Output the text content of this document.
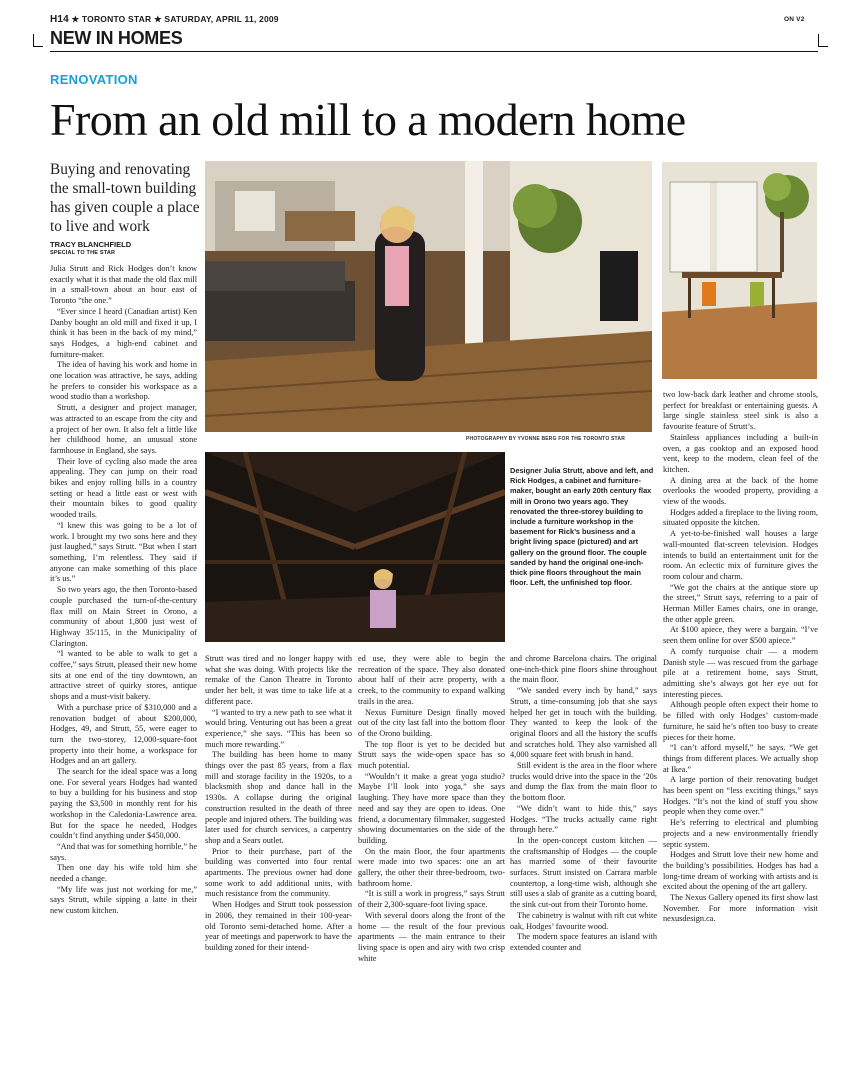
H14 ★ TORONTO STAR ★ SATURDAY, APRIL 11, 2009	ON V2
NEW IN HOMES
RENOVATION
From an old mill to a modern home
Buying and renovating
the small-town building
has given couple a place
to live and work
TRACY BLANCHFIELD
SPECIAL TO THE STAR
PHOTOGRAPHY BY YVONNE BERG FOR THE TORONTO STAR
Designer Julia Strutt, above and left, and Rick Hodges, a cabinet and furniture-maker, bought an early 20th century flax mill in Orono two years ago. They renovated the three-storey building to include a furniture workshop in the basement for Rick’s business and a bright living space (pictured) and art gallery on the ground floor. The couple sanded by hand the original one-inch-thick pine floors throughout the main floor. Left, the unfinished top floor.

Julia Strutt and Rick Hodges don’t know exactly what it is that made the old flax mill in a small-town about an hour east of Toronto “the one.”

“Ever since I heard (Canadian artist) Ken Danby bought an old mill and fixed it up, I think it has been in the back of my mind,” says Hodges, a high-end cabinet and furniture-maker.

The idea of having his work and home in one location was attractive, he says, adding he prefers to consider his workspace as a wood studio than a workshop.

Strutt, a designer and project manager, was attracted to an escape from the city and a project of her own. It also felt a little like her childhood home, an unusual stone farmhouse in England, she says.

Their love of cycling also made the area appealing. They can jump on their road bikes and enjoy rolling hills in a country setting or head a little east or west with their mountain bikes to good quality wooded trails.

“I knew this was going to be a lot of work. I brought my two sons here and they just laughed,” says Strutt. “But when I start something, I’m relentless. They said if anyone can make something of this place it’s us.”

So two years ago, the then Toronto-based couple purchased the turn-of-the-century flax mill on Main Street in Orono, a community of about 1,800 just west of Highway 35/115, in the Municipality of Clarington.

“I wanted to be able to walk to get a coffee,” says Strutt, pleased their new home sits at one end of the tiny downtown, an attractive street of quirky stores, antique shops and a must-visit bakery.

With a purchase price of $310,000 and a renovation budget of about $200,000, Hodges, 49, and Strutt, 55, were eager to turn the two-storey, 12,000-square-foot property into their home, a workspace for Hodges and an art gallery.

The search for the ideal space was a long one. For several years Hodges had wanted to buy a building for his business and stop paying the $3,500 in monthly rent for his workshop in the Caledonia-Lawrence area. But for the space he needed, Hodges couldn’t find anything under $450,000.

“And that was for something horrible,” he says.

Then one day his wife told him she needed a change.

“My life was just not working for me,” says Strutt, while sipping a latte in their new custom kitchen.

Strutt was tired and no longer happy with what she was doing. With projects like the remake of the Canon Theatre in Toronto under her belt, it was time to take life at a different pace.

“I wanted to try a new path to see what it would bring. Venturing out has been a great experience,” she says. “This has been so much more rewarding.”

The building has been home to many things over the past 85 years, from a flax mill and storage facility in the 1920s, to a blacksmith shop and dance hall in the 1930s. A collapse during the original construction resulted in the death of three people and injured others. The building was later used for church services, a carpentry shop and a Sears outlet.

Prior to their purchase, part of the building was converted into four rental apartments. The previous owner had done some work to add additional units, with much resistance from the community.

When Hodges and Strutt took possession in 2006, they remained in their 100-year-old Toronto semi-detached home. After a year of meetings and paperwork to have the building zoned for their intend-

ed use, they were able to begin the recreation of the space. They also donated about half of their acre property, with a creek, to the community to expand walking trails in the area.

Nexus Furniture Design finally moved out of the city last fall into the bottom floor of the Orono building.

The top floor is yet to be decided but Strutt says the wide-open space has so much potential.

“Wouldn’t it make a great yoga studio? Maybe I’ll look into yoga,” she says laughing. They have more space than they need and say they are open to ideas. One friend, a documentary filmmaker, suggested showing documentaries on the side of the building.

On the main floor, the four apartments were made into two spaces: one an art gallery, the other their three-bedroom, two-bathroom home.

“It is still a work in progress,” says Strutt of their 2,300-square-foot living space.

With several doors along the front of the home — the result of the four previous apartments — the main entrance to their living space is open and airy with two crisp white

and chrome Barcelona chairs. The original one-inch-thick pine floors shine throughout the main floor.

“We sanded every inch by hand,” says Strutt, a time-consuming job that she says helped her get in touch with the building. They wanted to keep the look of the original floors and all the history the scuffs and scratches hold. They also varnished all 4,000 square feet with brush in hand.

Still evident is the area in the floor where trucks would drive into the space in the ’20s and dump the flax from the main floor to the bottom floor.

“We didn’t want to hide this,” says Hodges. “The trucks actually came right through here.”

In the open-concept custom kitchen — the craftsmanship of Hodges — the couple has married some of their favourite surfaces. Strutt insisted on Carrara marble countertop, a long-time wish, although she still uses a slab of granite as a cutting board, the sink cut-out from their Toronto home.

The cabinetry is walnut with rift cut white oak, Hodges’ favourite wood.

The modern space features an island with extended counter and

two low-back dark leather and chrome stools, perfect for breakfast or entertaining guests. A large single stainless steel sink is also a favourite feature of Strutt’s.

Stainless appliances including a built-in oven, a gas cooktop and an exposed hood vent, keep to the modern, clean feel of the kitchen.

A dining area at the back of the home overlooks the wooded property, providing a view of the woods.

Hodges added a fireplace to the living room, situated opposite the kitchen.

A yet-to-be-finished wall houses a large wall-mounted flat-screen television. Hodges intends to build an entertainment unit for the room. An eclectic mix of furniture gives the room colour and charm.

“We got the chairs at the antique store up the street,” Strutt says, referring to a pair of Herman Miller Eames chairs, one in orange, the other apple green.

At $100 apiece, they were a bargain. “I’ve seen them online for over $500 apiece.”

A comfy turquoise chair — a modern Danish style — was rescued from the garbage pile at a retirement home, says Strutt, admitting she’s always got her eye out for interesting pieces.

Although people often expect their home to be filled with only Hodges’ custom-made furniture, he said he’s often too busy to create pieces for their home.

“I can’t afford myself,” he says. “We get things from different places. We actually shop at Ikea.”

A large portion of their renovating budget has been spent on “less exciting things,” says Hodges. “It’s not the kind of stuff you show people when they come over.”

He’s referring to electrical and plumbing projects and a new environmentally friendly septic system.

Hodges and Strutt love their new home and the building’s possibilities. Hodges has had a long-time dream of working with artists and is excited about the opening of the art gallery.

The Nexus Gallery opened its first show last November. For more information visit nexusdesign.ca.
